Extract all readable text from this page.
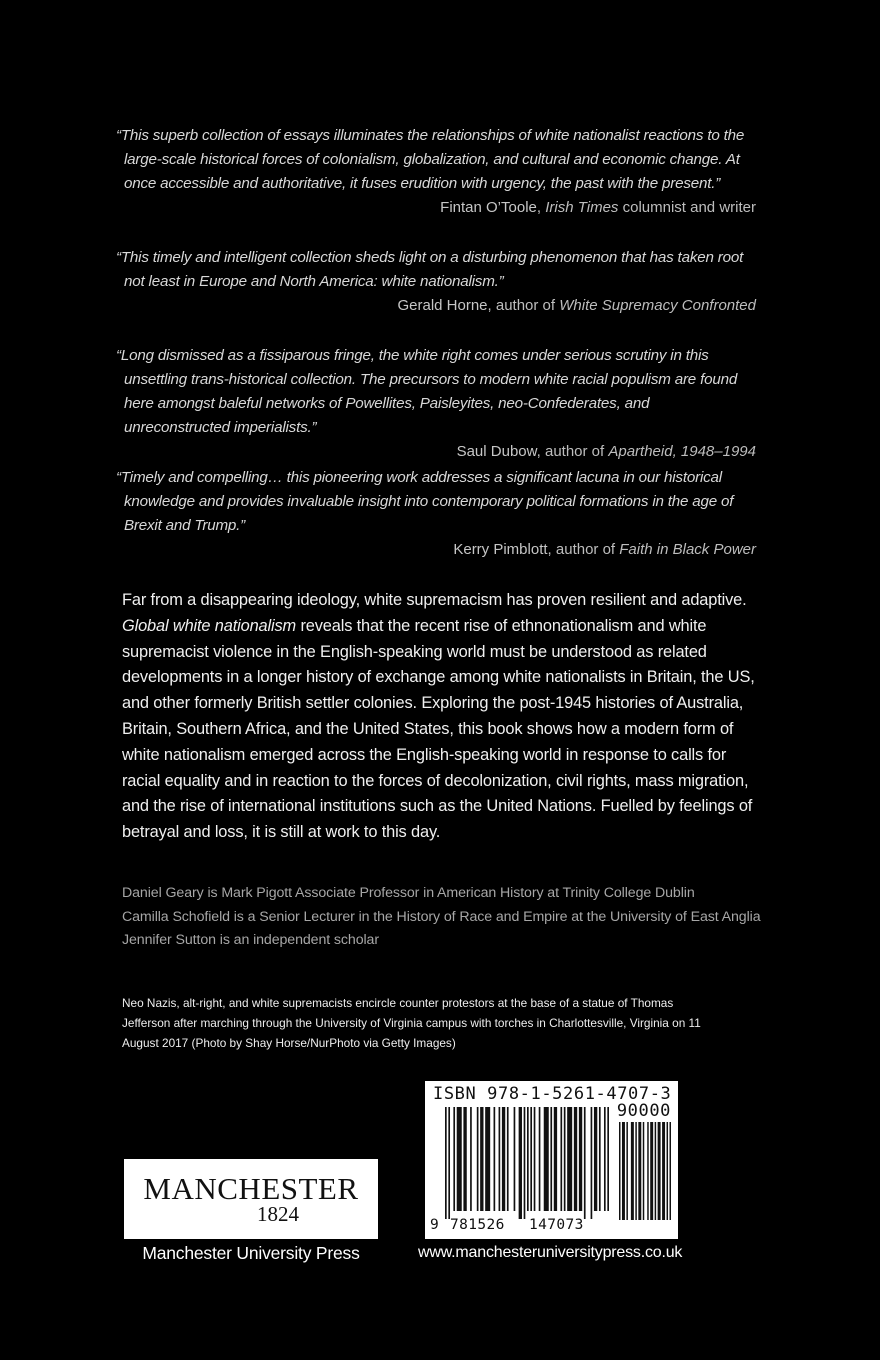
“This superb collection of essays illuminates the relationships of white nationalist reactions to the large-scale historical forces of colonialism, globalization, and cultural and economic change. At once accessible and authoritative, it fuses erudition with urgency, the past with the present.”

Fintan O’Toole, Irish Times columnist and writer

“This timely and intelligent collection sheds light on a disturbing phenomenon that has taken root not least in Europe and North America: white nationalism.”

Gerald Horne, author of White Supremacy Confronted

“Long dismissed as a fissiparous fringe, the white right comes under serious scrutiny in this unsettling trans-historical collection. The precursors to modern white racial populism are found here amongst baleful networks of Powellites, Paisleyites, neo-Confederates, and unreconstructed imperialists.”

Saul Dubow, author of Apartheid, 1948–1994

“Timely and compelling… this pioneering work addresses a significant lacuna in our historical knowledge and provides invaluable insight into contemporary political formations in the age of Brexit and Trump.”

Kerry Pimblott, author of Faith in Black Power

Far from a disappearing ideology, white supremacism has proven resilient and adaptive. Global white nationalism reveals that the recent rise of ethnonationalism and white supremacist violence in the English-speaking world must be understood as related developments in a longer history of exchange among white nationalists in Britain, the US, and other formerly British settler colonies. Exploring the post-1945 histories of Australia, Britain, Southern Africa, and the United States, this book shows how a modern form of white nationalism emerged across the English-speaking world in response to calls for racial equality and in reaction to the forces of decolonization, civil rights, mass migration, and the rise of international institutions such as the United Nations. Fuelled by feelings of betrayal and loss, it is still at work to this day.

Daniel Geary is Mark Pigott Associate Professor in American History at Trinity College Dublin

Camilla Schofield is a Senior Lecturer in the History of Race and Empire at the University of East Anglia

Jennifer Sutton is an independent scholar

Neo Nazis, alt-right, and white supremacists encircle counter protestors at the base of a statue of Thomas Jefferson after marching through the University of Virginia campus with torches in Charlottesville, Virginia on 11 August 2017 (Photo by Shay Horse/NurPhoto via Getty Images)

MANCHESTER
1824
Manchester University Press
ISBN 978-1-5261-4707-3
90000
9 781526 147073
www.manchesteruniversitypress.co.uk
